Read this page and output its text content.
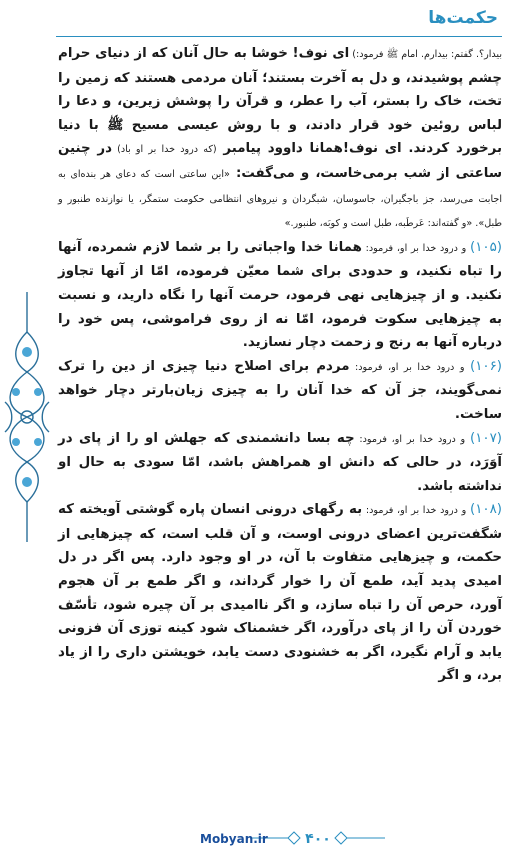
حکمت‌ها

بیدار؟. گفتم: بیدارم. امام ﷺ فرمود:) ای نوف! خوشا به حال آنان که از دنیای حرام چشم پوشیدند، و دل به آخرت بستند؛ آنان مردمی هستند که زمین را تخت، خاک را بستر، آب را عطر، و قرآن را پوشش زیرین، و دعا را لباس روئین خود قرار دادند، و با روش عیسی مسیح ﷺ با دنیا برخورد کردند. ای نوف!همانا داوود پیامبر (که درود خدا بر او باد) در چنین ساعتی از شب برمی‌خاست، و می‌گفت: «این ساعتی است که دعای هر بنده‌ای به اجابت می‌رسد، جز باجگیران، جاسوسان، شبگردان و نیروهای انتظامی حکومت ستمگر، یا نوازنده طنبور و طبل». «و گفته‌اند: عَرطَبه، طبل است و کوبَه، طنبور.»

(۱۰۵) و درود خدا بر او، فرمود: همانا خدا واجباتی را بر شما لازم شمرده، آنها را تباه نکنید، و حدودی برای شما معیّن فرموده، امّا از آنها تجاوز نکنید. و از چیزهایی نهی فرمود، حرمت آنها را نگاه دارید، و نسبت به چیزهایی سکوت فرمود، امّا نه از روی فراموشی، پس خود را درباره آنها به رنج و زحمت دچار نسازید.

(۱۰۶) و درود خدا بر او، فرمود: مردم برای اصلاح دنیا چیزی از دین را ترک نمی‌گویند، جز آن که خدا آنان را به چیزی زیان‌بارتر دچار خواهد ساخت.

(۱۰۷) و درود خدا بر او، فرمود: چه بسا دانشمندی که جهلش او را از پای در آوَرَد، در حالی که دانش او همراهش باشد، امّا سودی به حال او نداشته باشد.

(۱۰۸) و درود خدا بر او، فرمود: به رگهای درونی انسان پاره گوشتی آویخته که شگفت‌ترین اعضای درونی اوست، و آن قلب است، که چیزهایی از حکمت، و چیزهایی متفاوت با آن، در او وجود دارد. پس اگر در دل امیدی پدید آید، طمع آن را خوار گرداند، و اگر طمع بر آن هجوم آورد، حرص آن را تباه سازد، و اگر ناامیدی بر آن چیره شود، تأسّف خوردن آن را از پای درآورد، اگر خشمناک شود کینه توزی آن فزونی یابد و آرام نگیرد، اگر به خشنودی دست یابد، خویشتن داری را از یاد برد، و اگر

۴۰۰
Mobyan.ir
